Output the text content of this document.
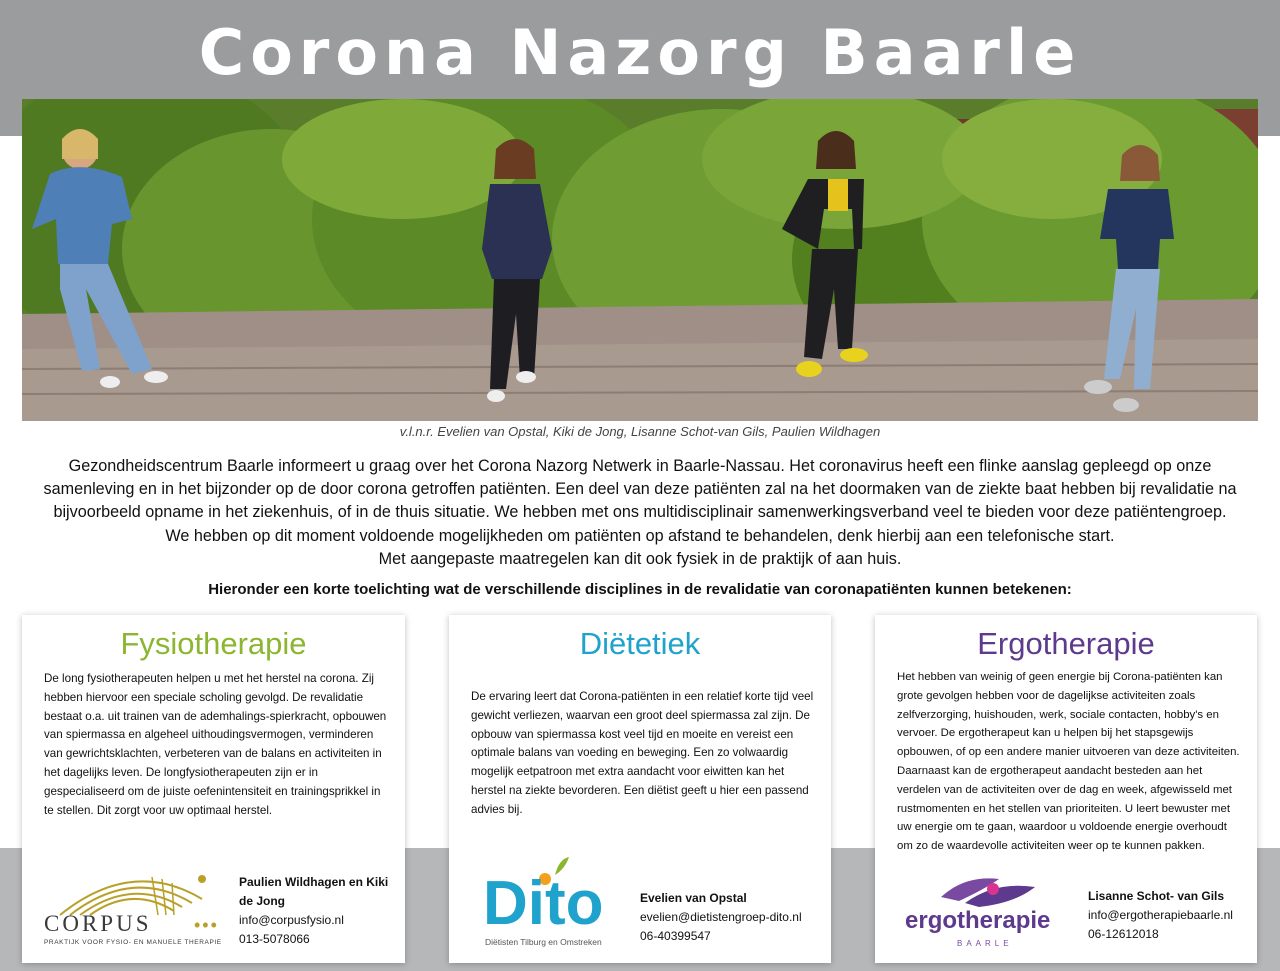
Corona Nazorg Baarle

v.l.n.r. Evelien van Opstal, Kiki de Jong, Lisanne Schot-van Gils, Paulien Wildhagen

Gezondheidscentrum Baarle informeert u graag over het Corona Nazorg Netwerk in Baarle-Nassau. Het coronavirus heeft een flinke aanslag gepleegd op onze samenleving en in het bijzonder op de door corona getroffen patiënten. Een deel van deze patiënten zal na het doormaken van de ziekte baat hebben bij revalidatie na bijvoorbeeld opname in het ziekenhuis, of in de thuis situatie. We hebben met ons multidisciplinair samenwerkingsverband veel te bieden voor deze patiëntengroep. We hebben op dit moment voldoende mogelijkheden om patiënten op afstand te behandelen, denk hierbij aan een telefonische start.
Met aangepaste maatregelen kan dit ook fysiek in de praktijk of aan huis.

Hieronder een korte toelichting wat de verschillende disciplines in de revalidatie van coronapatiënten kunnen betekenen:

Fysiotherapie

De long fysiotherapeuten helpen u met het herstel na corona. Zij hebben hiervoor een speciale scholing gevolgd. De revalidatie bestaat o.a. uit trainen van de ademhalings-spierkracht, opbouwen van spiermassa en algeheel uithoudingsvermogen, verminderen van gewrichtsklachten, verbeteren van de balans en activiteiten in het dagelijks leven. De longfysiotherapeuten zijn er in gespecialiseerd om de juiste oefenintensiteit en trainingsprikkel in te stellen. Dit zorgt voor uw optimaal herstel.

CORPUS •••
PRAKTIJK VOOR FYSIO- EN MANUELE THERAPIE
Paulien Wildhagen en Kiki de Jong
info@corpusfysio.nl
013-5078066
Diëtetiek

De ervaring leert dat Corona-patiënten in een relatief korte tijd veel gewicht verliezen, waarvan een groot deel spiermassa zal zijn. De opbouw van spiermassa kost veel tijd en moeite en vereist een optimale balans van voeding en beweging. Een zo volwaardig mogelijk eetpatroon met extra aandacht voor eiwitten kan het herstel na ziekte bevorderen. Een diëtist geeft u hier een passend advies bij.

Dito
Diëtisten Tilburg en Omstreken
Evelien van Opstal
evelien@dietistengroep-dito.nl
06-40399547
Ergotherapie

Het hebben van weinig of geen energie bij Corona-patiënten kan grote gevolgen hebben voor de dagelijkse activiteiten zoals zelfverzorging, huishouden, werk, sociale contacten, hobby's en vervoer. De ergotherapeut kan u helpen bij het stapsgewijs opbouwen, of op een andere manier uitvoeren van deze activiteiten. Daarnaast kan de ergotherapeut aandacht besteden aan het verdelen van de activiteiten over de dag en week, afgewisseld met rustmomenten en het stellen van prioriteiten. U leert bewuster met uw energie om te gaan, waardoor u voldoende energie overhoudt om zo de waardevolle activiteiten weer op te kunnen pakken.

ergotherapie
BAARLE
Lisanne Schot- van Gils
info@ergotherapiebaarle.nl
06-12612018
